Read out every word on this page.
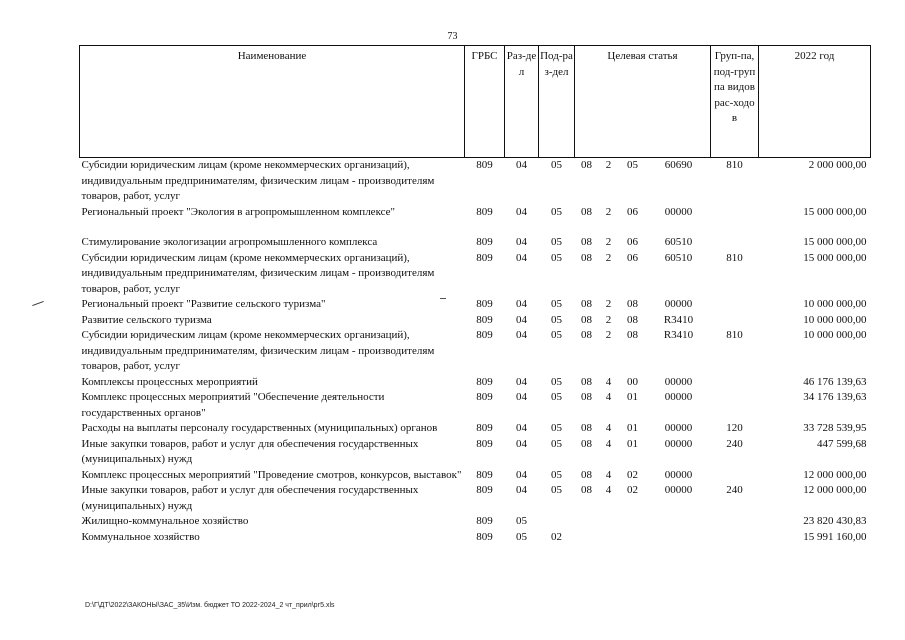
73
Наименование	ГРБС	Раз-дел	Под-раз-дел	Целевая статья				Груп-па, под-группа видов рас-ходов	2022 год
Субсидии юридическим лицам (кроме некоммерческих организаций), индивидуальным предпринимателям, физическим лицам - производителям товаров, работ, услуг	809	04	05	08	2	05	60690	810	2 000 000,00
Региональный проект "Экология в агропромышленном комплексе"	809	04	05	08	2	06	00000		15 000 000,00
Стимулирование экологизации агропромышленного комплекса	809	04	05	08	2	06	60510		15 000 000,00
Субсидии юридическим лицам (кроме некоммерческих организаций), индивидуальным предпринимателям, физическим лицам - производителям товаров, работ, услуг	809	04	05	08	2	06	60510	810	15 000 000,00
Региональный проект "Развитие сельского туризма"	809	04	05	08	2	08	00000		10 000 000,00
Развитие сельского туризма	809	04	05	08	2	08	R3410		10 000 000,00
Субсидии юридическим лицам (кроме некоммерческих организаций), индивидуальным предпринимателям, физическим лицам - производителям товаров, работ, услуг	809	04	05	08	2	08	R3410	810	10 000 000,00
Комплексы процессных мероприятий	809	04	05	08	4	00	00000		46 176 139,63
Комплекс процессных мероприятий "Обеспечение деятельности государственных органов"	809	04	05	08	4	01	00000		34 176 139,63
Расходы на выплаты персоналу государственных (муниципальных) органов	809	04	05	08	4	01	00000	120	33 728 539,95
Иные закупки товаров, работ и услуг для обеспечения государственных (муниципальных) нужд	809	04	05	08	4	01	00000	240	447 599,68
Комплекс процессных мероприятий "Проведение смотров, конкурсов, выставок"	809	04	05	08	4	02	00000		12 000 000,00
Иные закупки товаров, работ и услуг для обеспечения государственных (муниципальных) нужд	809	04	05	08	4	02	00000	240	12 000 000,00
Жилищно-коммунальное хозяйство	809	05							23 820 430,83
Коммунальное хозяйство	809	05	02						15 991 160,00
D:\Г\ДТ\2022\ЗАКОНЫ\ЗАС_35\Изм. бюджет ТО 2022-2024_2 чт_прил\рг5.xls
